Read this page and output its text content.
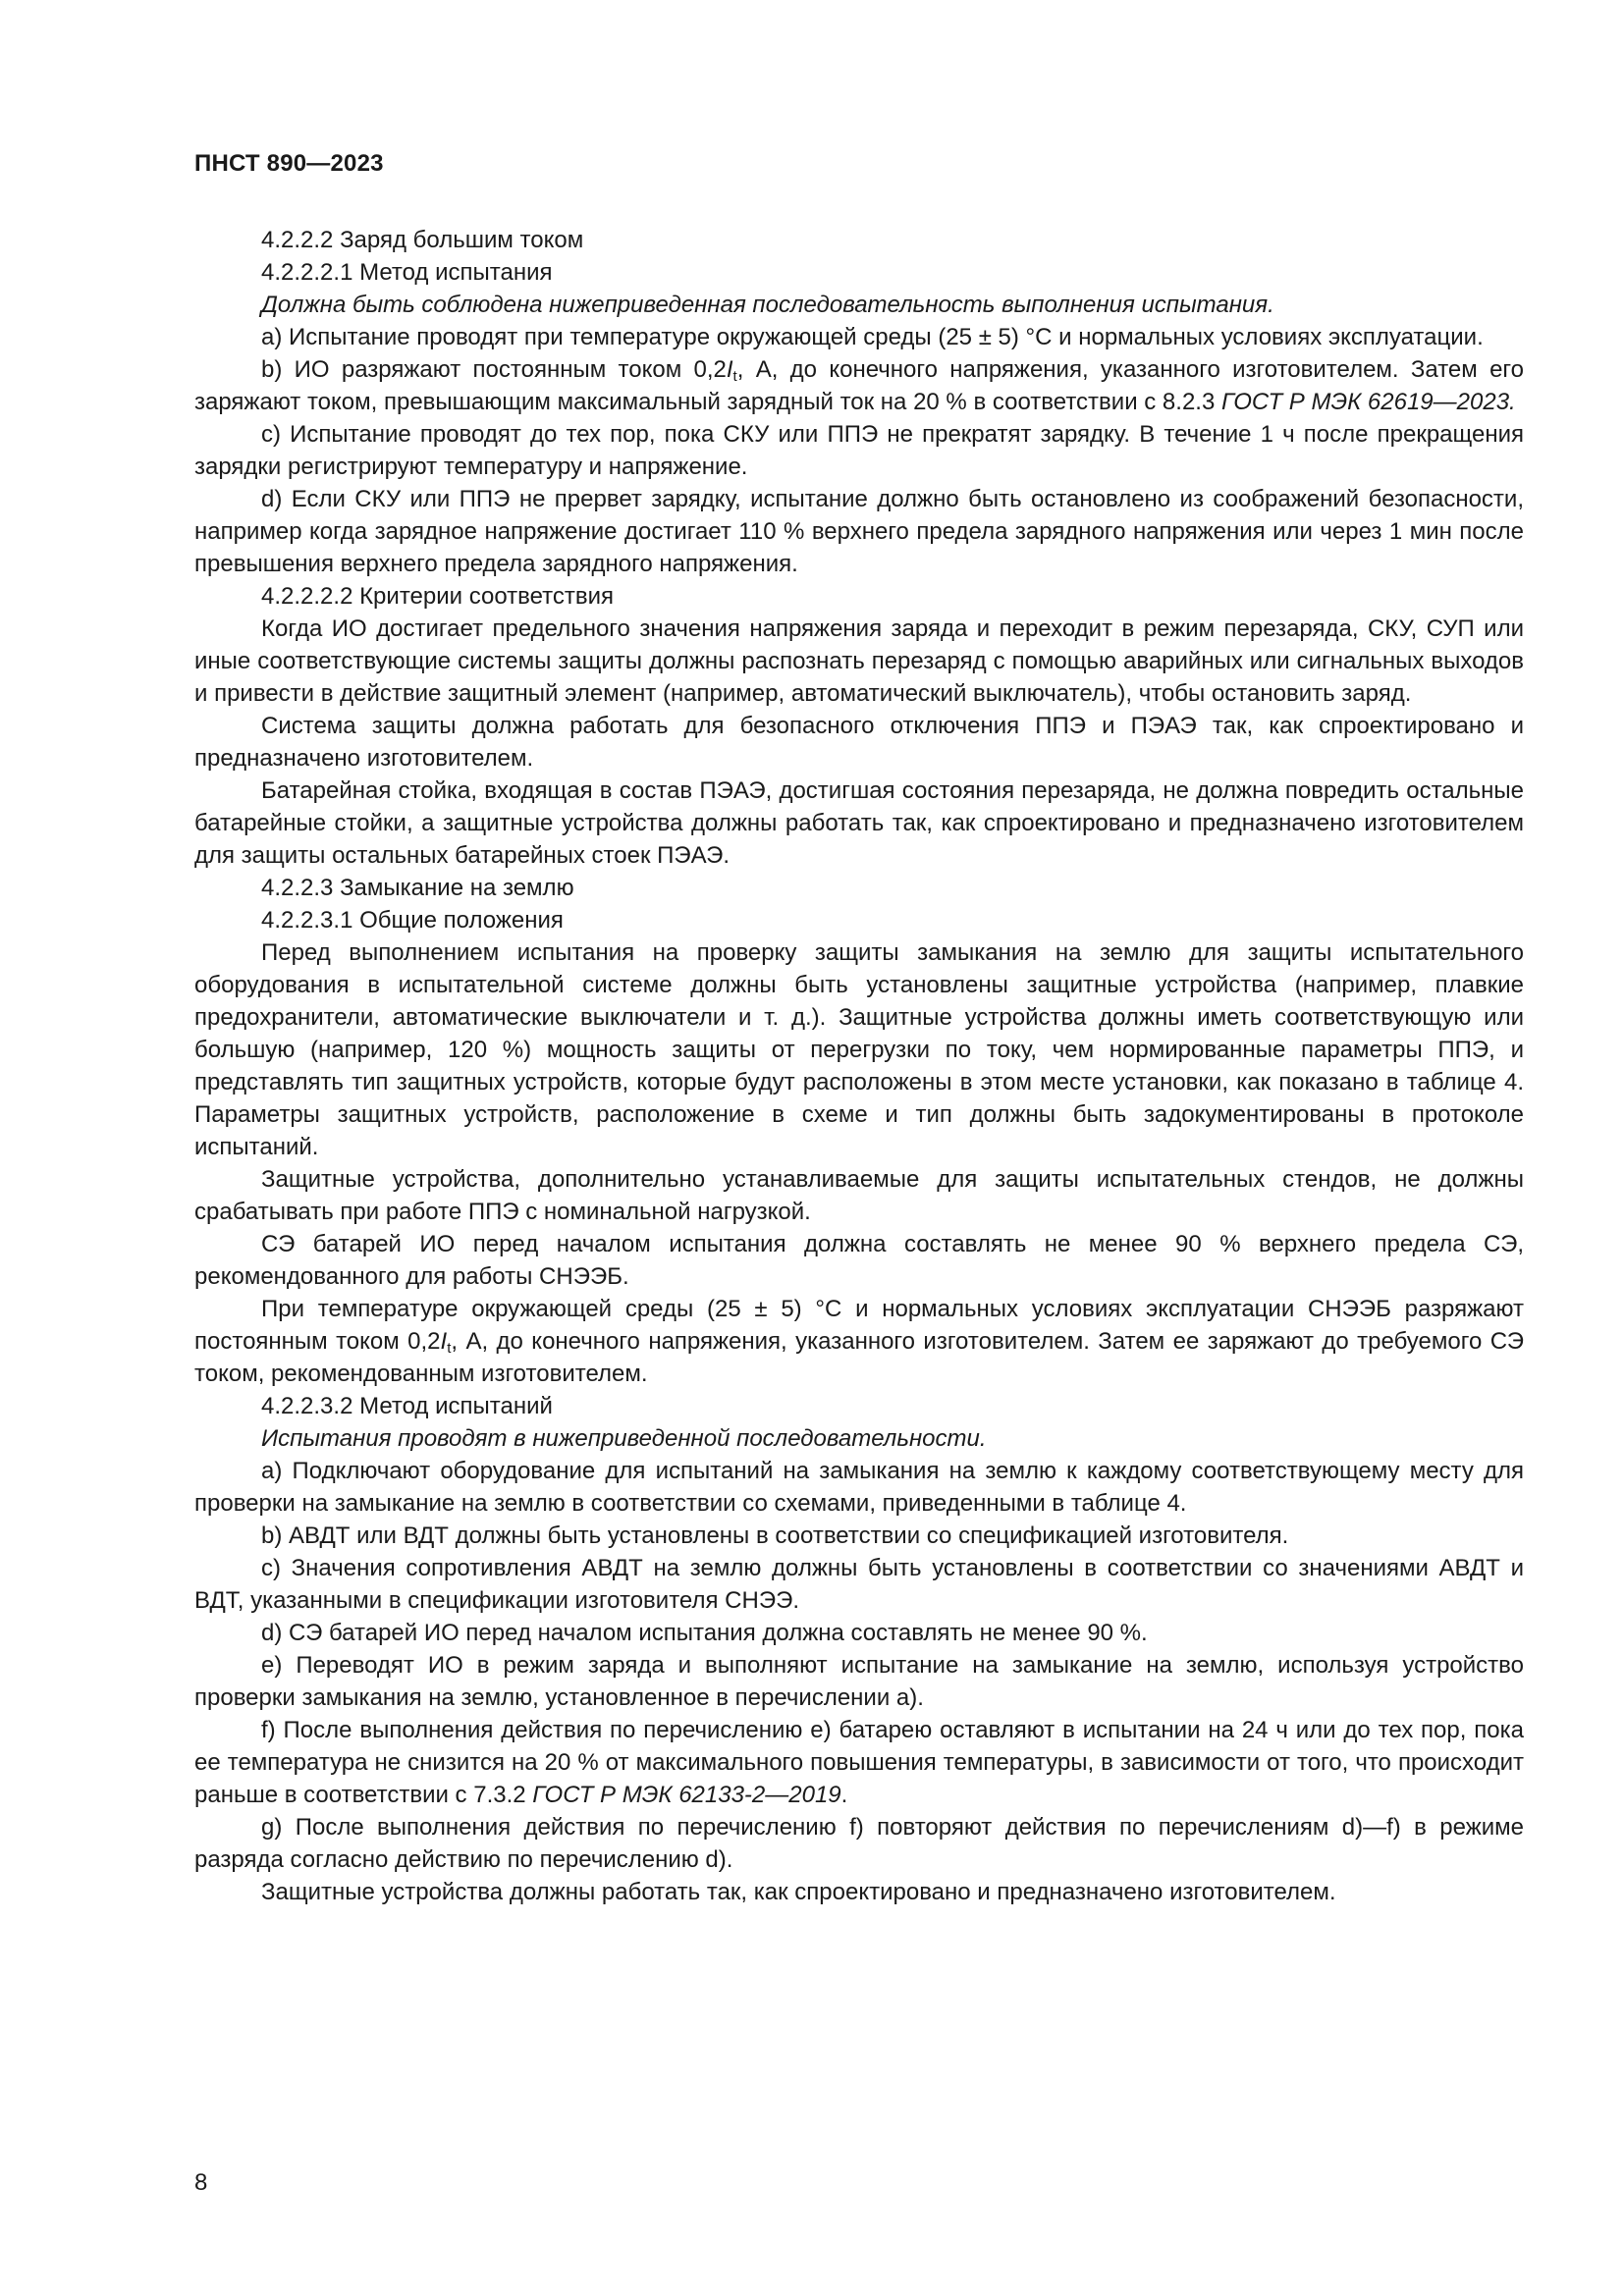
ПНСТ 890—2023

4.2.2.2 Заряд большим током

4.2.2.2.1 Метод испытания

Должна быть соблюдена нижеприведенная последовательность выполнения испытания.

а) Испытание проводят при температуре окружающей среды (25 ± 5) °С и нормальных условиях эксплуатации.

b) ИО разряжают постоянным током $0,2I_t$, А, до конечного напряжения, указанного изготовителем. Затем его заряжают током, превышающим максимальный зарядный ток на 20 % в соответствии с 8.2.3 ГОСТ Р МЭК 62619—2023.

с) Испытание проводят до тех пор, пока СКУ или ППЭ не прекратят зарядку. В течение 1 ч после прекращения зарядки регистрируют температуру и напряжение.

d) Если СКУ или ППЭ не прервет зарядку, испытание должно быть остановлено из соображений безопасности, например когда зарядное напряжение достигает 110 % верхнего предела зарядного напряжения или через 1 мин после превышения верхнего предела зарядного напряжения.

4.2.2.2.2 Критерии соответствия

Когда ИО достигает предельного значения напряжения заряда и переходит в режим перезаряда, СКУ, СУП или иные соответствующие системы защиты должны распознать перезаряд с помощью аварийных или сигнальных выходов и привести в действие защитный элемент (например, автоматический выключатель), чтобы остановить заряд.

Система защиты должна работать для безопасного отключения ППЭ и ПЭАЭ так, как спроектировано и предназначено изготовителем.

Батарейная стойка, входящая в состав ПЭАЭ, достигшая состояния перезаряда, не должна повредить остальные батарейные стойки, а защитные устройства должны работать так, как спроектировано и предназначено изготовителем для защиты остальных батарейных стоек ПЭАЭ.

4.2.2.3 Замыкание на землю

4.2.2.3.1 Общие положения

Перед выполнением испытания на проверку защиты замыкания на землю для защиты испытательного оборудования в испытательной системе должны быть установлены защитные устройства (например, плавкие предохранители, автоматические выключатели и т. д.). Защитные устройства должны иметь соответствующую или большую (например, 120 %) мощность защиты от перегрузки по току, чем нормированные параметры ППЭ, и представлять тип защитных устройств, которые будут расположены в этом месте установки, как показано в таблице 4. Параметры защитных устройств, расположение в схеме и тип должны быть задокументированы в протоколе испытаний.

Защитные устройства, дополнительно устанавливаемые для защиты испытательных стендов, не должны срабатывать при работе ППЭ с номинальной нагрузкой.

СЭ батарей ИО перед началом испытания должна составлять не менее 90 % верхнего предела СЭ, рекомендованного для работы СНЭЭБ.

При температуре окружающей среды (25 ± 5) °С и нормальных условиях эксплуатации СНЭЭБ разряжают постоянным током $0,2I_t$, А, до конечного напряжения, указанного изготовителем. Затем ее заряжают до требуемого СЭ током, рекомендованным изготовителем.

4.2.2.3.2 Метод испытаний

Испытания проводят в нижеприведенной последовательности.

а) Подключают оборудование для испытаний на замыкания на землю к каждому соответствующему месту для проверки на замыкание на землю в соответствии со схемами, приведенными в таблице 4.

b) АВДТ или ВДТ должны быть установлены в соответствии со спецификацией изготовителя.

с) Значения сопротивления АВДТ на землю должны быть установлены в соответствии со значениями АВДТ и ВДТ, указанными в спецификации изготовителя СНЭЭ.

d) СЭ батарей ИО перед началом испытания должна составлять не менее 90 %.

е) Переводят ИО в режим заряда и выполняют испытание на замыкание на землю, используя устройство проверки замыкания на землю, установленное в перечислении а).

f) После выполнения действия по перечислению е) батарею оставляют в испытании на 24 ч или до тех пор, пока ее температура не снизится на 20 % от максимального повышения температуры, в зависимости от того, что происходит раньше в соответствии с 7.3.2 ГОСТ Р МЭК 62133-2—2019.

g) После выполнения действия по перечислению f) повторяют действия по перечислениям d)—f) в режиме разряда согласно действию по перечислению d).

Защитные устройства должны работать так, как спроектировано и предназначено изготовителем.

8
